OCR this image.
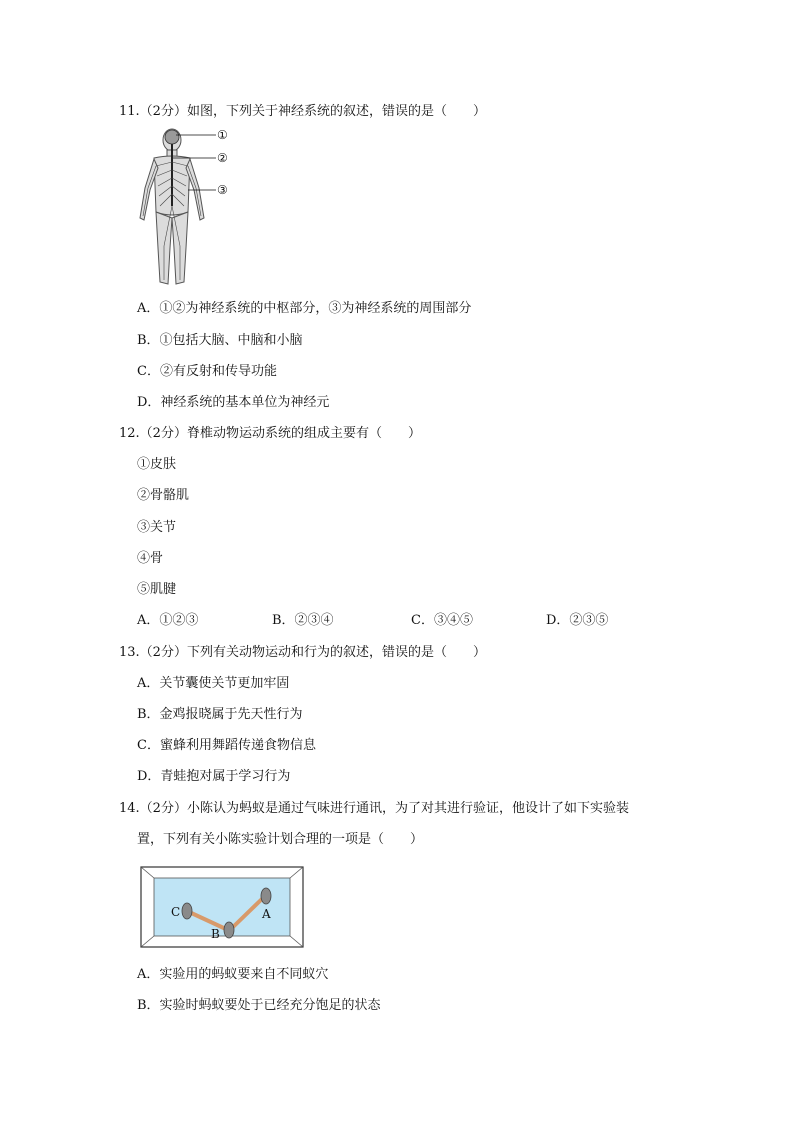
11.（2分）如图，下列关于神经系统的叙述，错误的是（　　）
①
②
③
A．①②为神经系统的中枢部分，③为神经系统的周围部分
B．①包括大脑、中脑和小脑
C．②有反射和传导功能
D．神经系统的基本单位为神经元
12.（2分）脊椎动物运动系统的组成主要有（　　）
①皮肤
②骨骼肌
③关节
④骨
⑤肌腱
A．①②③	B．②③④	C．③④⑤	D．②③⑤
13.（2分）下列有关动物运动和行为的叙述，错误的是（　　）
A．关节囊使关节更加牢固
B．金鸡报晓属于先天性行为
C．蜜蜂利用舞蹈传递食物信息
D．青蛙抱对属于学习行为
14.（2分）小陈认为蚂蚁是通过气味进行通讯，为了对其进行验证，他设计了如下实验装
置，下列有关小陈实验计划合理的一项是（　　）
C
B
A
A．实验用的蚂蚁要来自不同蚁穴
B．实验时蚂蚁要处于已经充分饱足的状态
